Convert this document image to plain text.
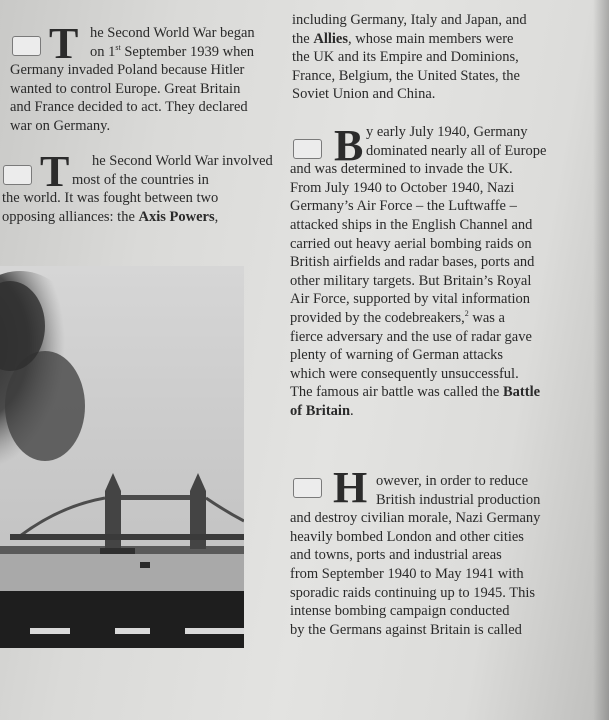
T he Second World War began
on 1st September 1939 when
Germany invaded Poland because Hitler
wanted to control Europe. Great Britain
and France decided to act. They declared
war on Germany.
T	he Second World War involved
most of the countries in
the world. It was fought between two
opposing alliances: the Axis Powers,
including Germany, Italy and Japan, and
the Allies, whose main members were
the UK and its Empire and Dominions,
France, Belgium, the United States, the
Soviet Union and China.
B y early July 1940, Germany
dominated nearly all of Europe
and was determined to invade the UK.
From July 1940 to October 1940, Nazi
Germany’s Air Force – the Luftwaffe –
attacked ships in the English Channel and
carried out heavy aerial bombing raids on
British airfields and radar bases, ports and
other military targets. But Britain’s Royal
Air Force, supported by vital information
provided by the codebreakers,$^2$ was a
fierce adversary and the use of radar gave
plenty of warning of German attacks
which were consequently unsuccessful.
The famous air battle was called the Battle
of Britain.
H owever, in order to reduce
British industrial production
and destroy civilian morale, Nazi Germany
heavily bombed London and other cities
and towns, ports and industrial areas
from September 1940 to May 1941 with
sporadic raids continuing up to 1945. This
intense bombing campaign conducted
by the Germans against Britain is called
